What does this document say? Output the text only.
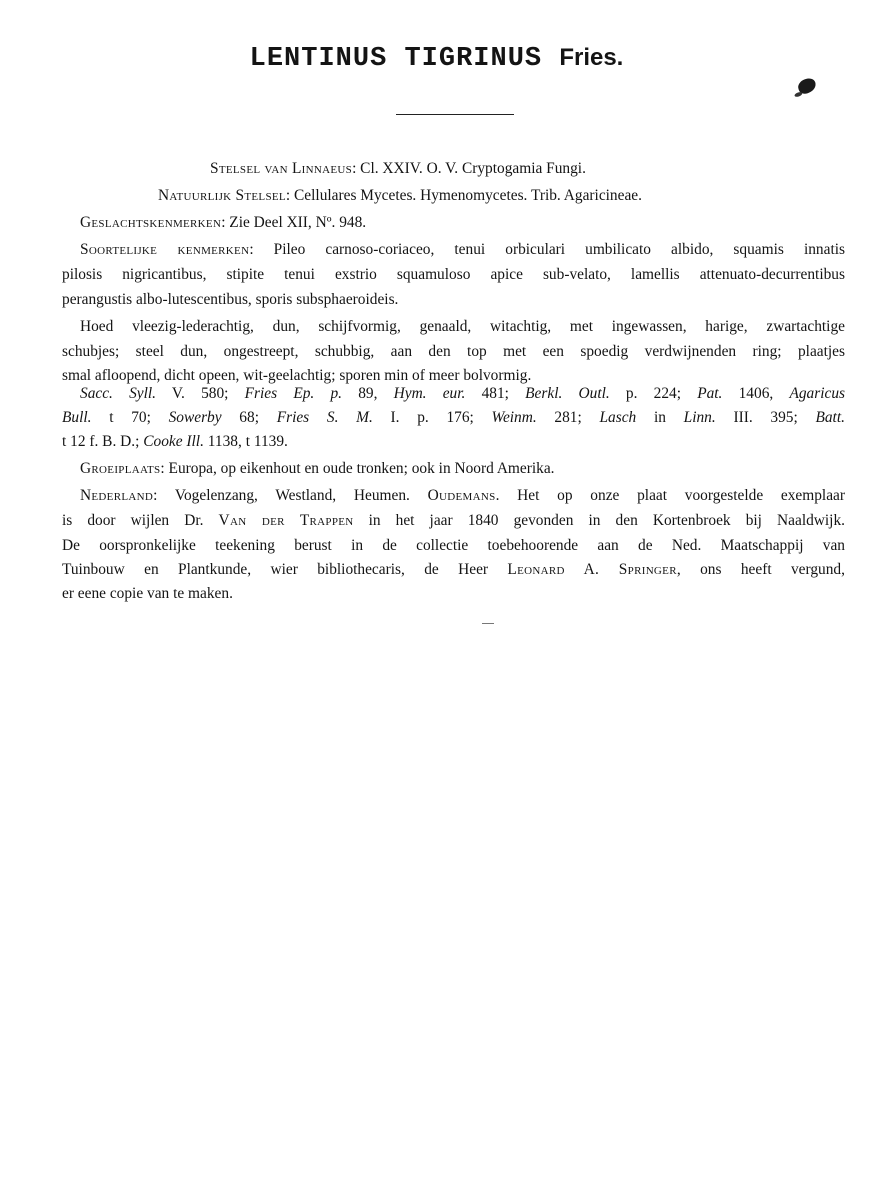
LENTINUS TIGRINUS Fries.
Stelsel van Linnaeus: Cl. XXIV. O. V. Cryptogamia Fungi.
Natuurlijk Stelsel: Cellulares Mycetes. Hymenomycetes. Trib. Agaricineae.
Geslachtskenmerken: Zie Deel XII, Nº. 948.
Soortelijke kenmerken: Pileo carnoso-coriaceo, tenui orbiculari umbilicato albido, squamis innatis
pilosis nigricantibus, stipite tenui exstrio squamuloso apice sub-velato, lamellis attenuato-decurrentibus
perangustis albo-lutescentibus, sporis subsphaeroideis.
Hoed vleezig-lederachtig, dun, schijfvormig, genaald, witachtig, met ingewassen, harige, zwartachtige
schubjes; steel dun, ongestreept, schubbig, aan den top met een spoedig verdwijnenden ring; plaatjes
smal afloopend, dicht opeen, wit-geelachtig; sporen min of meer bolvormig.
Sacc. Syll. V. 580; Fries Ep. p. 89, Hym. eur. 481; Berkl. Outl. p. 224; Pat. 1406, Agaricus
Bull. t 70; Sowerby 68; Fries S. M. I. p. 176; Weinm. 281; Lasch in Linn. III. 395; Batt.
t 12 f. B. D.; Cooke Ill. 1138, t 1139.
Groeiplaats: Europa, op eikenhout en oude tronken; ook in Noord Amerika.
Nederland: Vogelenzang, Westland, Heumen. Oudemans. Het op onze plaat voorgestelde exemplaar
is door wijlen Dr. Van der Trappen in het jaar 1840 gevonden in den Kortenbroek bij Naaldwijk.
De oorspronkelijke teekening berust in de collectie toebehoorende aan de Ned. Maatschappij van
Tuinbouw en Plantkunde, wier bibliothecaris, de Heer Leonard A. Springer, ons heeft vergund,
er eene copie van te maken.
